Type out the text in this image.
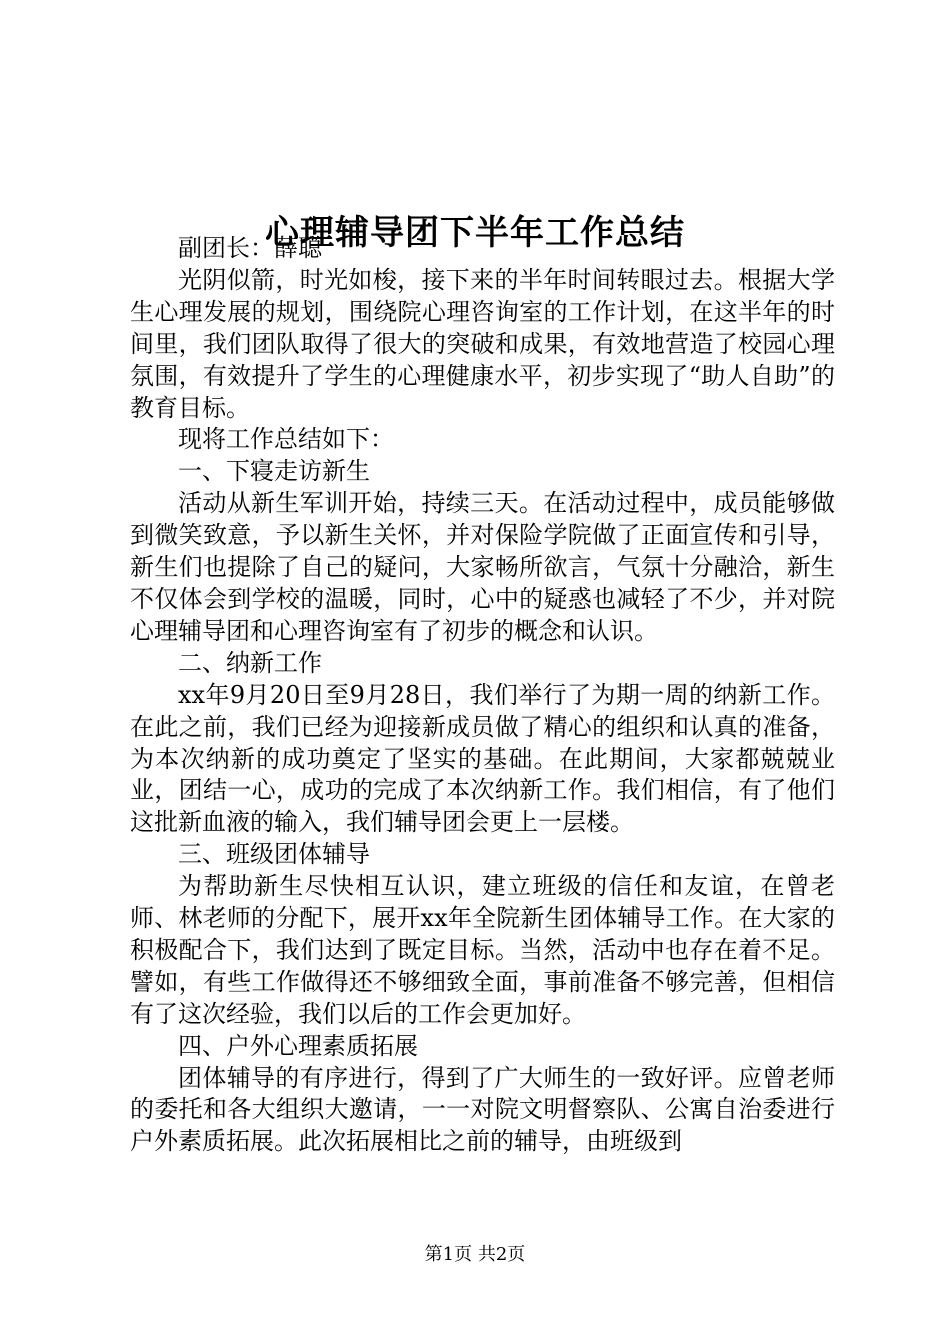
心理辅导团下半年工作总结

副团长：薛聪

光阴似箭，时光如梭，接下来的半年时间转眼过去。根据大学生心理发展的规划，围绕院心理咨询室的工作计划，在这半年的时间里，我们团队取得了很大的突破和成果，有效地营造了校园心理氛围，有效提升了学生的心理健康水平，初步实现了“助人自助”的教育目标。

现将工作总结如下：

一、下寝走访新生

活动从新生军训开始，持续三天。在活动过程中，成员能够做到微笑致意，予以新生关怀，并对保险学院做了正面宣传和引导，新生们也提除了自己的疑问，大家畅所欲言，气氛十分融洽，新生不仅体会到学校的温暖，同时，心中的疑惑也减轻了不少，并对院心理辅导团和心理咨询室有了初步的概念和认识。

二、纳新工作

xx年9月20日至9月28日，我们举行了为期一周的纳新工作。在此之前，我们已经为迎接新成员做了精心的组织和认真的准备，为本次纳新的成功奠定了坚实的基础。在此期间，大家都兢兢业业，团结一心，成功的完成了本次纳新工作。我们相信，有了他们这批新血液的输入，我们辅导团会更上一层楼。

三、班级团体辅导

为帮助新生尽快相互认识，建立班级的信任和友谊，在曾老师、林老师的分配下，展开xx年全院新生团体辅导工作。在大家的积极配合下，我们达到了既定目标。当然，活动中也存在着不足。譬如，有些工作做得还不够细致全面，事前准备不够完善，但相信有了这次经验，我们以后的工作会更加好。

四、户外心理素质拓展

团体辅导的有序进行，得到了广大师生的一致好评。应曾老师的委托和各大组织大邀请，一一对院文明督察队、公寓自治委进行户外素质拓展。此次拓展相比之前的辅导，由班级到

第1页 共2页
